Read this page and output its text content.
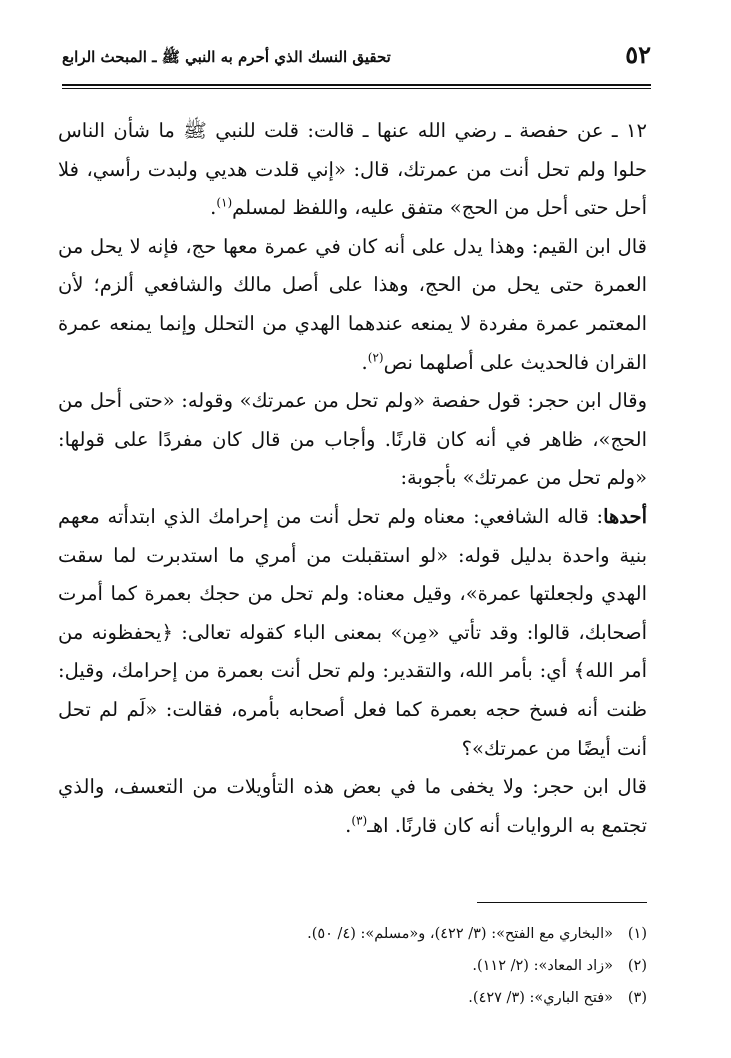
٥٢
تحقيق النسك الذي أحرم به النبي ﷺ ـ المبحث الرابع

١٢ ـ عن حفصة ـ رضي الله عنها ـ قالت: قلت للنبي ﷺ ما شأن الناس حلوا ولم تحل أنت من عمرتك، قال: «إني قلدت هديي ولبدت رأسي، فلا أحل حتى أحل من الحج» متفق عليه، واللفظ لمسلم$^{(١)}$.

قال ابن القيم: وهذا يدل على أنه كان في عمرة معها حج، فإنه لا يحل من العمرة حتى يحل من الحج، وهذا على أصل مالك والشافعي ألزم؛ لأن المعتمر عمرة مفردة لا يمنعه عندهما الهدي من التحلل وإنما يمنعه عمرة القران فالحديث على أصلهما نص$^{(٢)}$.

وقال ابن حجر: قول حفصة «ولم تحل من عمرتك» وقوله: «حتى أحل من الحج»، ظاهر في أنه كان قارنًا. وأجاب من قال كان مفردًا على قولها: «ولم تحل من عمرتك» بأجوبة:

أحدها: قاله الشافعي: معناه ولم تحل أنت من إحرامك الذي ابتدأته معهم بنية واحدة بدليل قوله: «لو استقبلت من أمري ما استدبرت لما سقت الهدي ولجعلتها عمرة»، وقيل معناه: ولم تحل من حجك بعمرة كما أمرت أصحابك، قالوا: وقد تأتي «مِن» بمعنى الباء كقوله تعالى: ﴿يحفظونه من أمر الله﴾ أي: بأمر الله، والتقدير: ولم تحل أنت بعمرة من إحرامك، وقيل: ظنت أنه فسخ حجه بعمرة كما فعل أصحابه بأمره، فقالت: «لَم لم تحل أنت أيضًا من عمرتك»؟

قال ابن حجر: ولا يخفى ما في بعض هذه التأويلات من التعسف، والذي تجتمع به الروايات أنه كان قارنًا. اهـ$^{(٣)}$.

(١)«البخاري مع الفتح»: (٣/ ٤٢٢)، و«مسلم»: (٤/ ٥٠).
(٢)«زاد المعاد»: (٢/ ١١٢).
(٣)«فتح الباري»: (٣/ ٤٢٧).
